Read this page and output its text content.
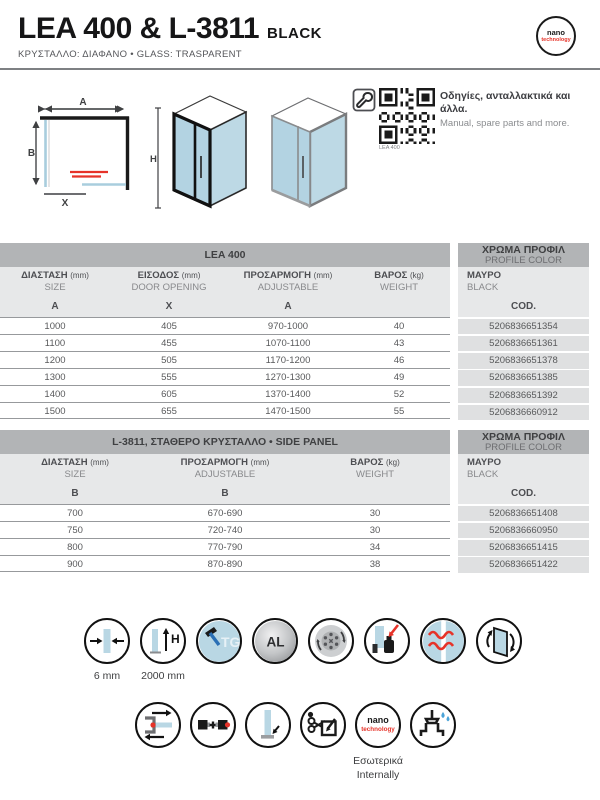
LEA 400 & L-3811 BLACK
ΚΡΥΣΤΑΛΛΟ: ΔΙΑΦΑΝΟ • GLASS: TRASPARENT
nano
technology
A
B
X
H
LEA 400
Οδηγίες, ανταλλακτικά και άλλα.
Manual, spare parts and more.
LEA 400
ΔΙΑΣΤΑΣΗ (mm)
SIZE
ΕΙΣΟΔΟΣ (mm)
DOOR OPENING
ΠΡΟΣΑΡΜΟΓΗ (mm)
ADJUSTABLE
ΒΑΡΟΣ (kg)
WEIGHT
A	X	A
1000	405	970-1000	40
1100	455	1070-1100	43
1200	505	1170-1200	46
1300	555	1270-1300	49
1400	605	1370-1400	52
1500	655	1470-1500	55
ΧΡΩΜΑ ΠΡΟΦΙΛ
PROFILE COLOR
ΜΑΥΡΟ
BLACK
COD.
5206836651354
5206836651361
5206836651378
5206836651385
5206836651392
5206836660912
L-3811, ΣΤΑΘΕΡΟ ΚΡΥΣΤΑΛΛΟ • SIDE PANEL
ΔΙΑΣΤΑΣΗ (mm)
SIZE
ΠΡΟΣΑΡΜΟΓΗ (mm)
ADJUSTABLE
ΒΑΡΟΣ (kg)
WEIGHT
B	B
700	670-690	30
750	720-740	30
800	770-790	34
900	870-890	38
ΧΡΩΜΑ ΠΡΟΦΙΛ
PROFILE COLOR
ΜΑΥΡΟ
BLACK
COD.
5206836651408
5206836660950
5206836651415
5206836651422
6 mm
H
2000 mm
TG AL
nano
technology
Εσωτερικά
Internally
